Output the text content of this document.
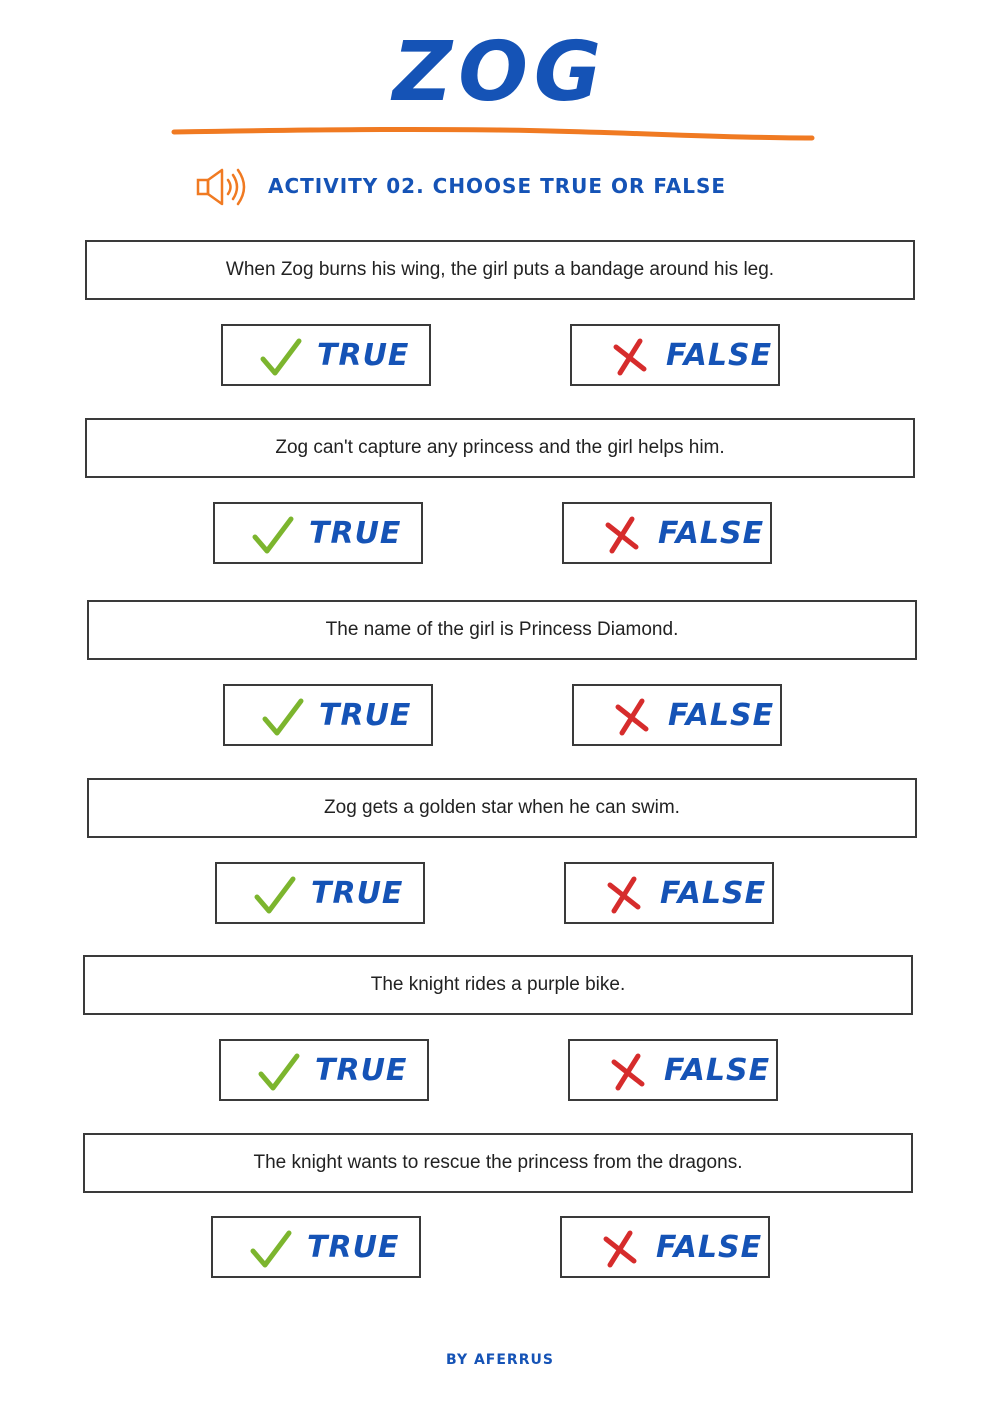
ZOG
ACTIVITY 02. CHOOSE TRUE OR FALSE
When Zog burns his wing, the girl puts a bandage around his leg.
TRUE	FALSE
Zog can't capture any princess and the girl helps him.
TRUE	FALSE
The name of the girl is Princess Diamond.
TRUE	FALSE
Zog gets a golden star when he can swim.
TRUE	FALSE
The knight rides a purple bike.
TRUE	FALSE
The knight wants to rescue the princess from the dragons.
TRUE	FALSE
BY AFERRUS
